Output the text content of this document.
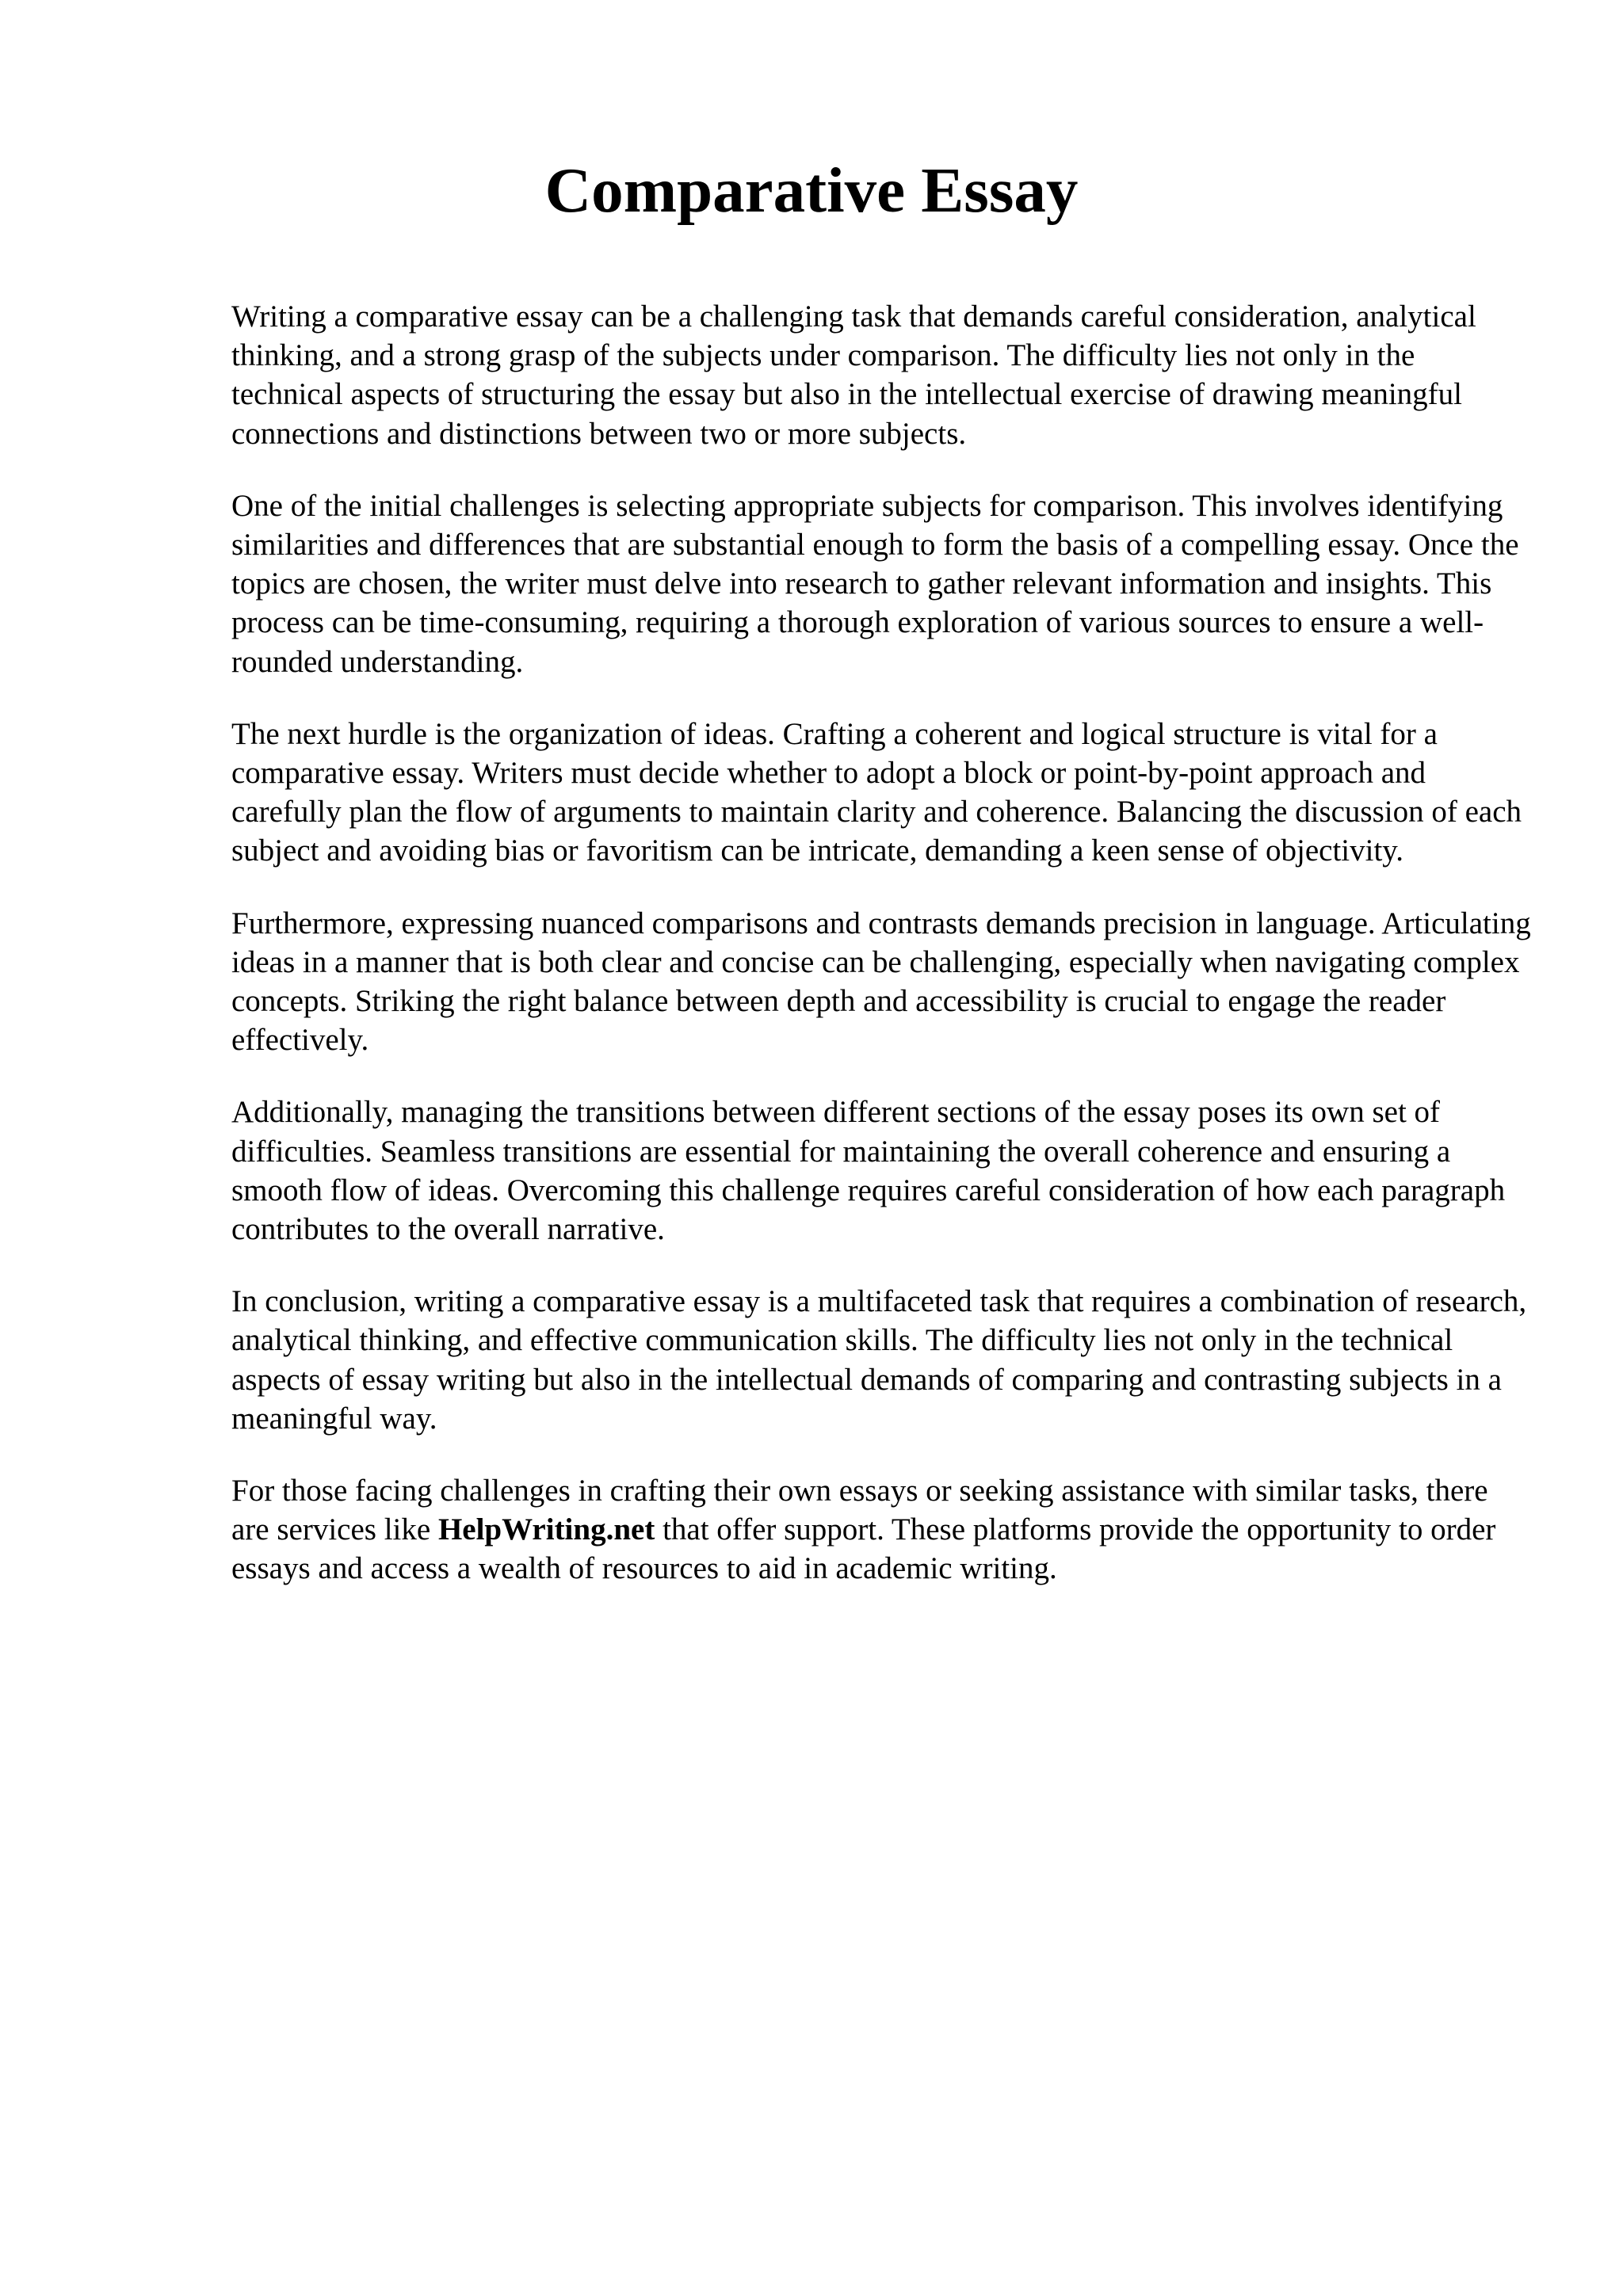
Comparative Essay

Writing a comparative essay can be a challenging task that demands careful consideration, analytical thinking, and a strong grasp of the subjects under comparison. The difficulty lies not only in the technical aspects of structuring the essay but also in the intellectual exercise of drawing meaningful connections and distinctions between two or more subjects.

One of the initial challenges is selecting appropriate subjects for comparison. This involves identifying similarities and differences that are substantial enough to form the basis of a compelling essay. Once the topics are chosen, the writer must delve into research to gather relevant information and insights. This process can be time-consuming, requiring a thorough exploration of various sources to ensure a well-rounded understanding.

The next hurdle is the organization of ideas. Crafting a coherent and logical structure is vital for a comparative essay. Writers must decide whether to adopt a block or point-by-point approach and carefully plan the flow of arguments to maintain clarity and coherence. Balancing the discussion of each subject and avoiding bias or favoritism can be intricate, demanding a keen sense of objectivity.

Furthermore, expressing nuanced comparisons and contrasts demands precision in language. Articulating ideas in a manner that is both clear and concise can be challenging, especially when navigating complex concepts. Striking the right balance between depth and accessibility is crucial to engage the reader effectively.

Additionally, managing the transitions between different sections of the essay poses its own set of difficulties. Seamless transitions are essential for maintaining the overall coherence and ensuring a smooth flow of ideas. Overcoming this challenge requires careful consideration of how each paragraph contributes to the overall narrative.

In conclusion, writing a comparative essay is a multifaceted task that requires a combination of research, analytical thinking, and effective communication skills. The difficulty lies not only in the technical aspects of essay writing but also in the intellectual demands of comparing and contrasting subjects in a meaningful way.

For those facing challenges in crafting their own essays or seeking assistance with similar tasks, there are services like HelpWriting.net that offer support. These platforms provide the opportunity to order essays and access a wealth of resources to aid in academic writing.
